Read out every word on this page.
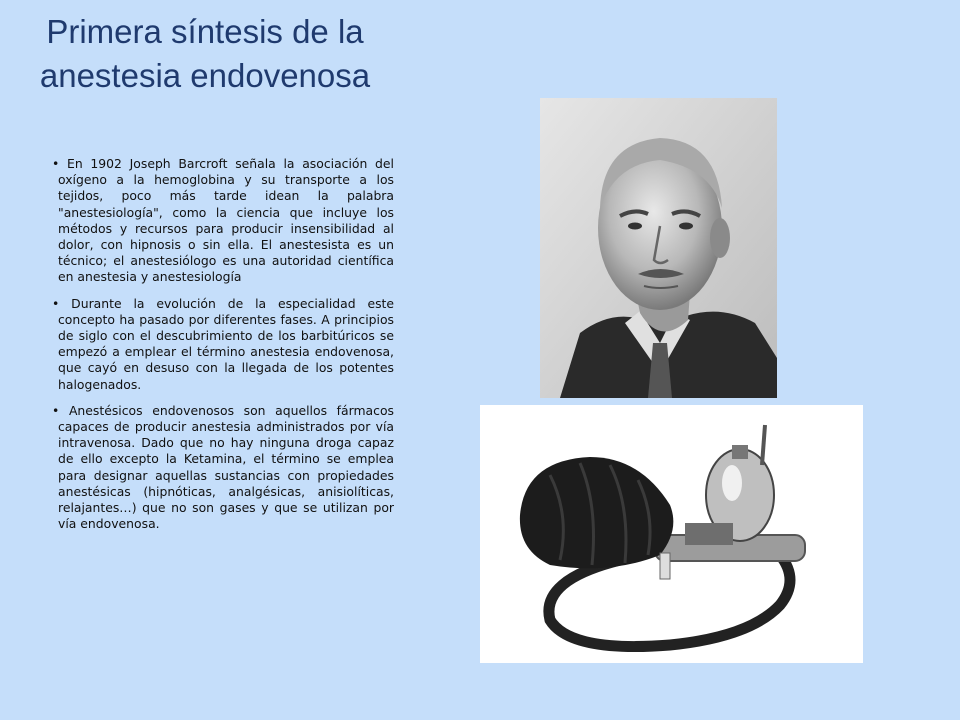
Primera síntesis de la anestesia endovenosa
• En 1902 Joseph Barcroft señala la asociación del oxígeno a la hemoglobina y su transporte a los tejidos, poco más tarde idean la palabra "anestesiología", como la ciencia que incluye los métodos y recursos para producir insensibilidad al dolor, con hipnosis o sin ella. El anestesista es un técnico; el anestesiólogo es una autoridad científica en anestesia y anestesiología
• Durante la evolución de la especialidad este concepto ha pasado por diferentes fases. A principios de siglo con el descubrimiento de los barbitúricos se empezó a emplear el término anestesia endovenosa, que cayó en desuso con la llegada de los potentes halogenados.
• Anestésicos endovenosos son aquellos fármacos capaces de producir anestesia administrados por vía intravenosa. Dado que no hay ninguna droga capaz de ello excepto la Ketamina, el término se emplea para designar aquellas sustancias con propiedades anestésicas (hipnóticas, analgésicas, anisiolíticas, relajantes…) que no son gases y que se utilizan por vía endovenosa.
